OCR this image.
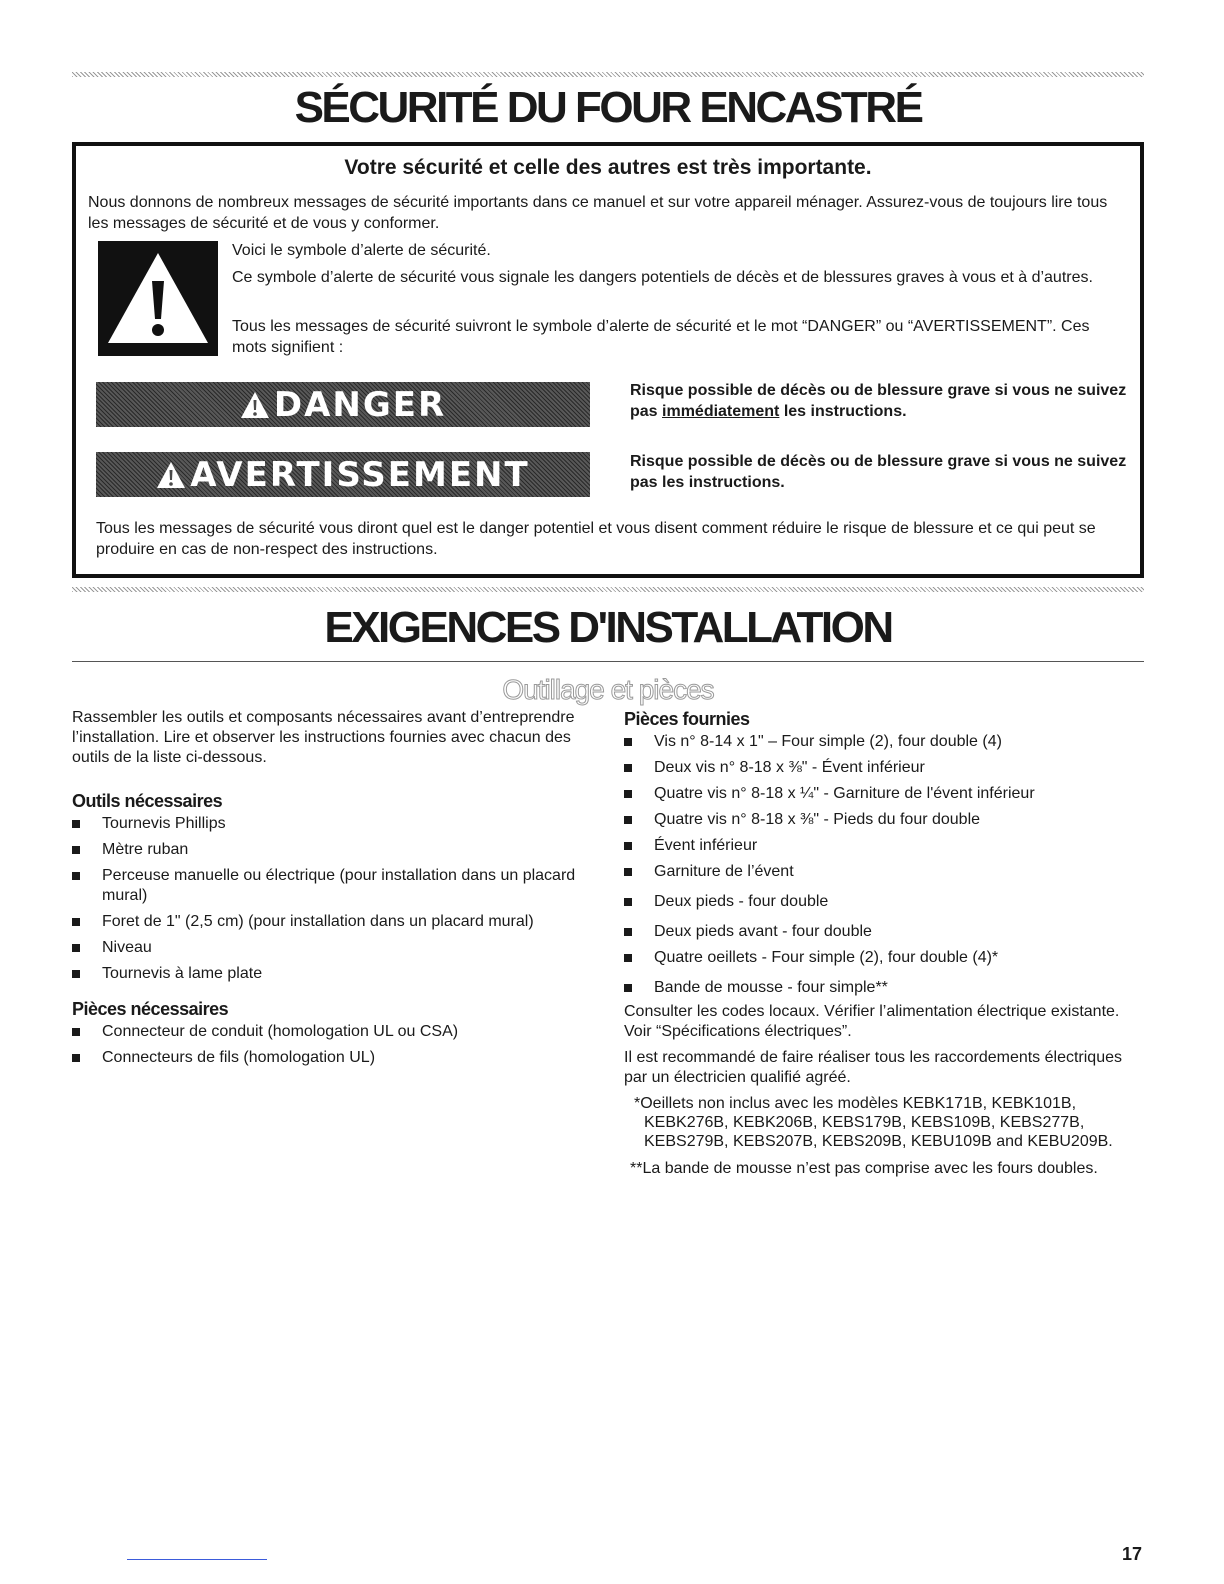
SÉCURITÉ DU FOUR ENCASTRÉ
Votre sécurité et celle des autres est très importante.

Nous donnons de nombreux messages de sécurité importants dans ce manuel et sur votre appareil ménager. Assurez-vous de toujours lire tous les messages de sécurité et de vous y conformer.

Voici le symbole d’alerte de sécurité.

Ce symbole d’alerte de sécurité vous signale les dangers potentiels de décès et de blessures graves à vous et à d’autres.

Tous les messages de sécurité suivront le symbole d’alerte de sécurité et le mot “DANGER” ou “AVERTISSEMENT”. Ces mots signifient :

DANGER	Risque possible de décès ou de blessure grave si vous ne suivez pas immédiatement les instructions.

AVERTISSEMENT	Risque possible de décès ou de blessure grave si vous ne suivez pas les instructions.

Tous les messages de sécurité vous diront quel est le danger potentiel et vous disent comment réduire le risque de blessure et ce qui peut se produire en cas de non-respect des instructions.

EXIGENCES D'INSTALLATION
Outillage et pièces

Rassembler les outils et composants nécessaires avant d’entreprendre l’installation. Lire et observer les instructions fournies avec chacun des outils de la liste ci-dessous.

Outils nécessaires
Tournevis Phillips
Mètre ruban
Perceuse manuelle ou électrique (pour installation dans un placard mural)
Foret de 1" (2,5 cm) (pour installation dans un placard mural)
Niveau
Tournevis à lame plate
Pièces nécessaires
Connecteur de conduit (homologation UL ou CSA)
Connecteurs de fils (homologation UL)
Pièces fournies
Vis n° 8-14 x 1" – Four simple (2), four double (4)
Deux vis n° 8-18 x ⅜" - Évent inférieur
Quatre vis n° 8-18 x ¼" - Garniture de l'évent inférieur
Quatre vis n° 8-18 x ⅜" - Pieds du four double
Évent inférieur
Garniture de l’évent
Deux pieds - four double
Deux pieds avant - four double
Quatre oeillets - Four simple (2), four double (4)*
Bande de mousse - four simple**

Consulter les codes locaux. Vérifier l’alimentation électrique existante. Voir “Spécifications électriques”.

Il est recommandé de faire réaliser tous les raccordements électriques par un électricien qualifié agréé.

*Oeillets non inclus avec les modèles KEBK171B, KEBK101B, KEBK276B, KEBK206B, KEBS179B, KEBS109B, KEBS277B, KEBS279B, KEBS207B, KEBS209B, KEBU109B and KEBU209B.

**La bande de mousse n’est pas comprise avec les fours doubles.

17
